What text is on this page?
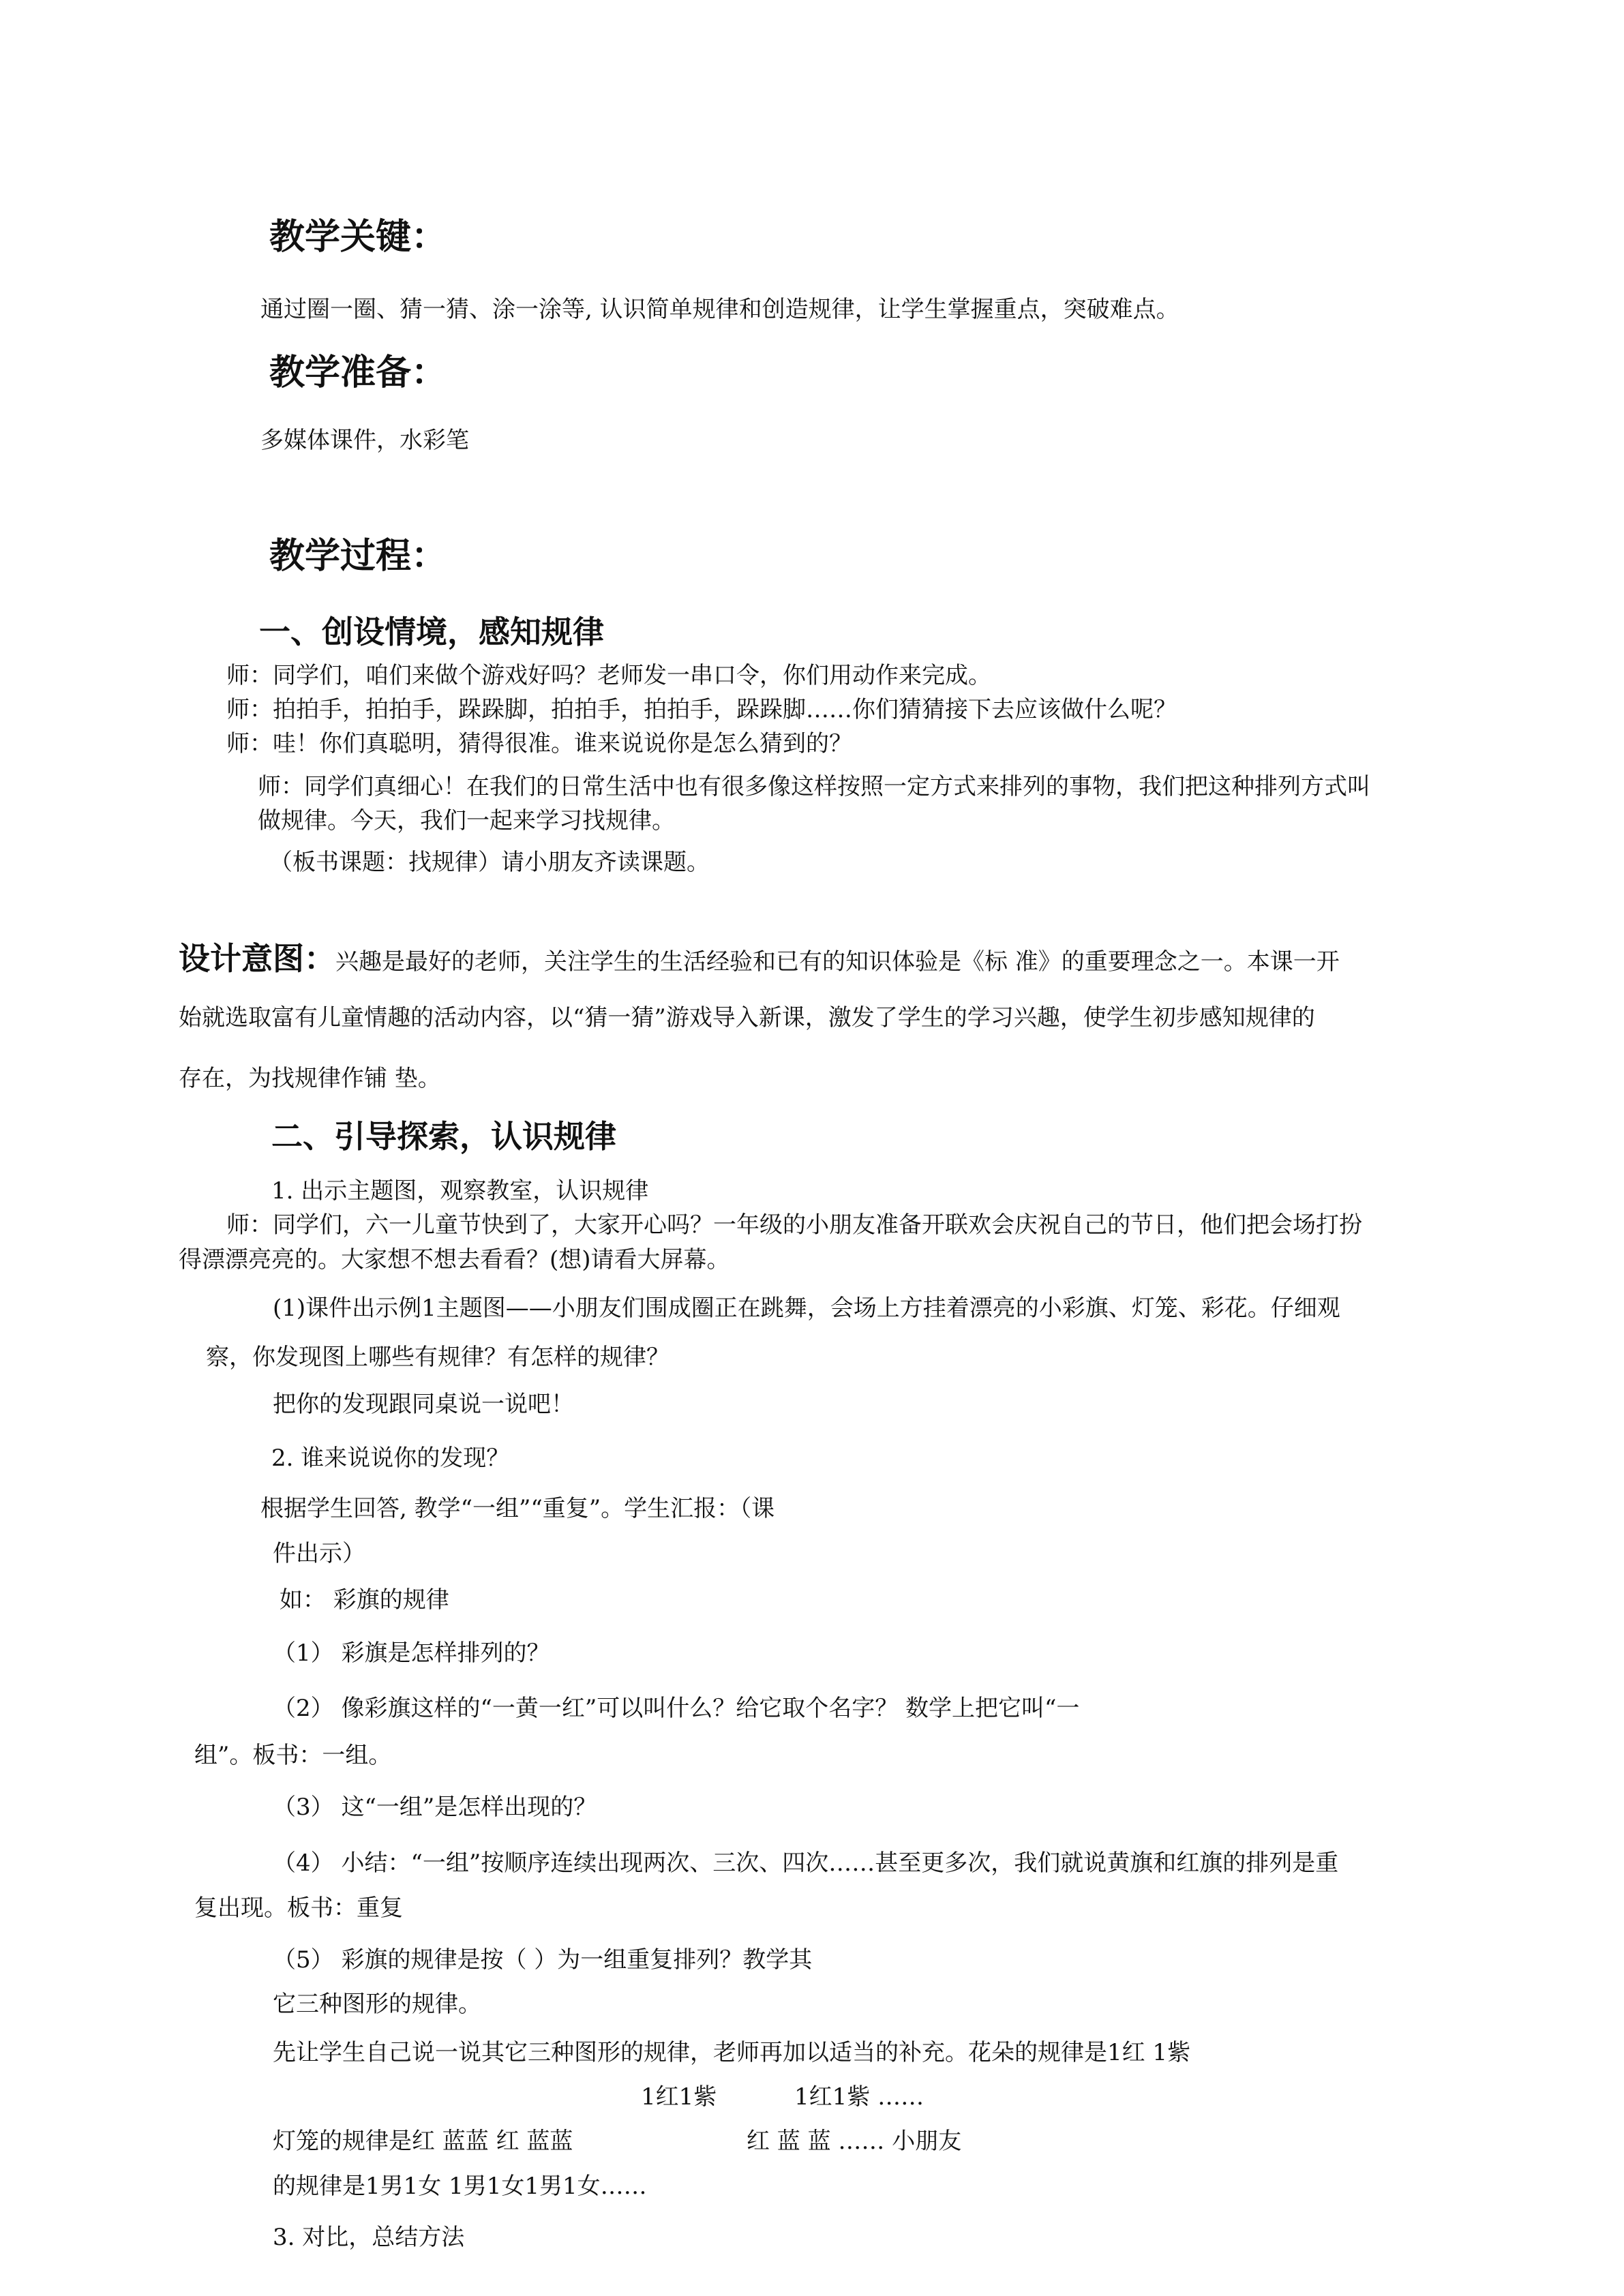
教学关键：
通过圈一圈、猜一猜、涂一涂等, 认识简单规律和创造规律，让学生掌握重点，突破难点。
教学准备：
多媒体课件，水彩笔
教学过程：
一、创设情境，感知规律
师：同学们，咱们来做个游戏好吗？老师发一串口令，你们用动作来完成。
师：拍拍手，拍拍手，跺跺脚，拍拍手，拍拍手，跺跺脚……你们猜猜接下去应该做什么呢？
师：哇！你们真聪明，猜得很准。谁来说说你是怎么猜到的？
师：同学们真细心！在我们的日常生活中也有很多像这样按照一定方式来排列的事物，我们把这种排列方式叫
做规律。今天，我们一起来学习找规律。
（板书课题：找规律）请小朋友齐读课题。
设计意图：兴趣是最好的老师，关注学生的生活经验和已有的知识体验是《标 准》的重要理念之一。本课一开
始就选取富有儿童情趣的活动内容，以“猜一猜”游戏导入新课，激发了学生的学习兴趣，使学生初步感知规律的
存在，为找规律作铺 垫。
二、引导探索，认识规律
1. 出示主题图，观察教室，认识规律
师：同学们，六一儿童节快到了，大家开心吗？一年级的小朋友准备开联欢会庆祝自己的节日，他们把会场打扮
得漂漂亮亮的。大家想不想去看看？(想)请看大屏幕。
(1)课件出示例1主题图——小朋友们围成圈正在跳舞，会场上方挂着漂亮的小彩旗、灯笼、彩花。仔细观
察，你发现图上哪些有规律？有怎样的规律？
把你的发现跟同桌说一说吧！
2. 谁来说说你的发现？
根据学生回答, 教学“一组”“重复”。学生汇报：（课
件出示）
如： 彩旗的规律
（1） 彩旗是怎样排列的？
（2） 像彩旗这样的“一黄一红”可以叫什么？给它取个名字？ 数学上把它叫“一
组”。板书：一组。
（3） 这“一组”是怎样出现的？
（4） 小结：“一组”按顺序连续出现两次、三次、四次……甚至更多次，我们就说黄旗和红旗的排列是重
复出现。板书：重复
（5） 彩旗的规律是按（ ）为一组重复排列？教学其
它三种图形的规律。
先让学生自己说一说其它三种图形的规律，老师再加以适当的补充。花朵的规律是1红 1紫
1红1紫	1红1紫 ……
灯笼的规律是红 蓝蓝 红 蓝蓝	红 蓝 蓝 …… 小朋友
的规律是1男1女 1男1女1男1女……
3. 对比，总结方法
